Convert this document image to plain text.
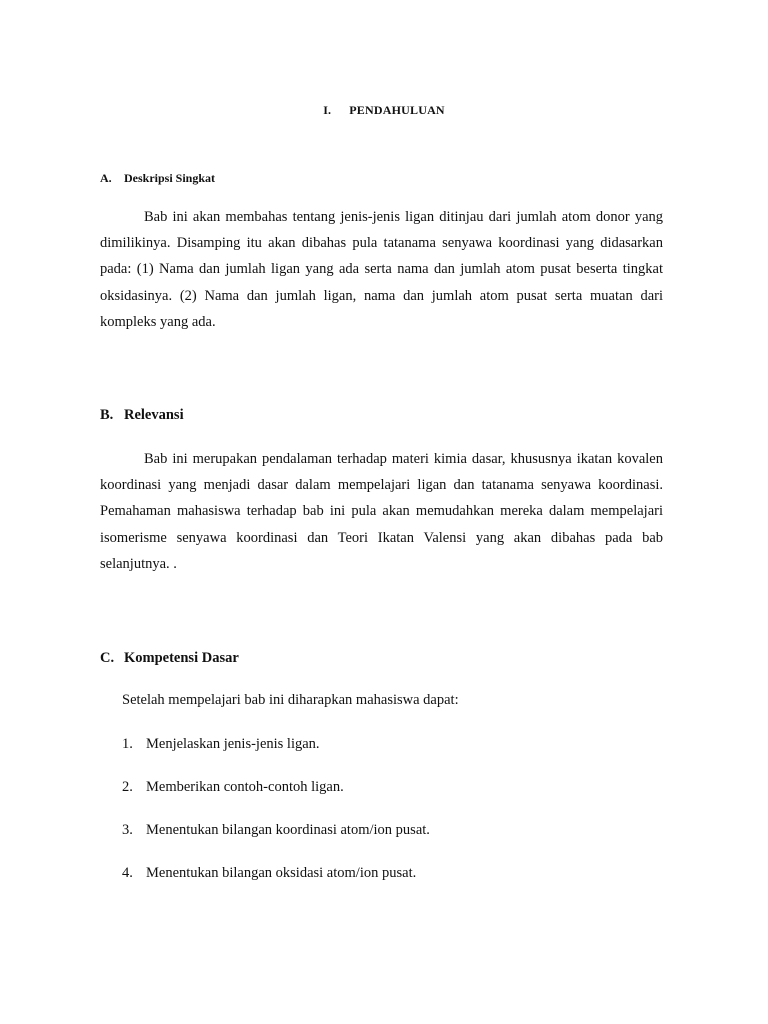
I. PENDAHULUAN
A. Deskripsi Singkat
Bab ini akan membahas tentang jenis-jenis ligan ditinjau dari jumlah atom donor yang dimilikinya. Disamping itu akan dibahas pula tatanama senyawa koordinasi yang didasarkan pada: (1) Nama dan jumlah ligan yang ada serta nama dan jumlah atom pusat beserta tingkat oksidasinya. (2) Nama dan jumlah ligan, nama dan jumlah atom pusat serta muatan dari kompleks yang ada.
B. Relevansi
Bab ini merupakan pendalaman terhadap materi kimia dasar, khususnya ikatan kovalen koordinasi yang menjadi dasar dalam mempelajari ligan dan tatanama senyawa koordinasi. Pemahaman mahasiswa terhadap bab ini pula akan memudahkan mereka dalam mempelajari isomerisme senyawa koordinasi dan Teori Ikatan Valensi yang akan dibahas pada bab selanjutnya. .
C. Kompetensi Dasar
Setelah mempelajari bab ini diharapkan mahasiswa dapat:
1. Menjelaskan jenis-jenis ligan.
2. Memberikan contoh-contoh ligan.
3. Menentukan bilangan koordinasi atom/ion pusat.
4. Menentukan bilangan oksidasi atom/ion pusat.
